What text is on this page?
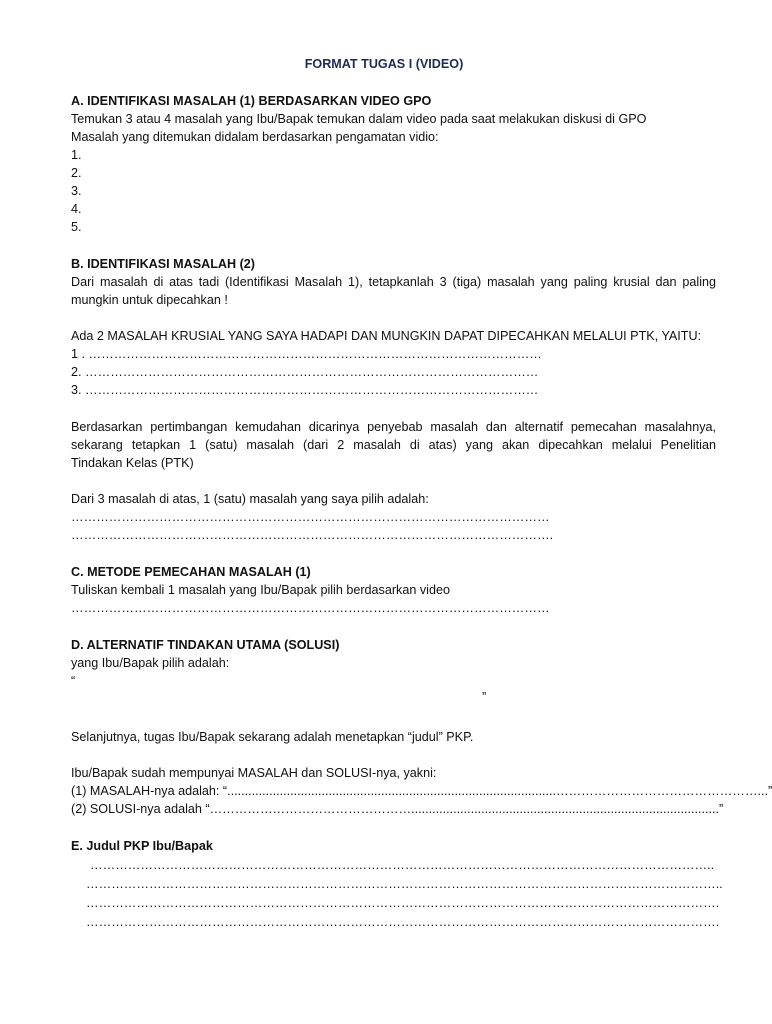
FORMAT TUGAS I (VIDEO)
A. IDENTIFIKASI MASALAH (1) BERDASARKAN VIDEO GPO
Temukan 3 atau 4 masalah yang Ibu/Bapak temukan dalam video pada saat melakukan diskusi di GPO
Masalah yang ditemukan didalam berdasarkan pengamatan vidio:
1.
2.
3.
4.
5.
B. IDENTIFIKASI MASALAH (2)
Dari masalah di atas tadi (Identifikasi Masalah 1), tetapkanlah 3 (tiga) masalah yang paling krusial dan paling
mungkin untuk dipecahkan !
Ada 2 MASALAH KRUSIAL YANG SAYA HADAPI DAN MUNGKIN DAPAT DIPECAHKAN MELALUI PTK, YAITU:
1 . ………………………………………………………………………………………………
2. ………………………………………………………………………………………………
3. ………………………………………………………………………………………………
Berdasarkan pertimbangan kemudahan dicarinya penyebab masalah dan alternatif pemecahan masalahnya,
sekarang tetapkan 1 (satu) masalah (dari 2 masalah di atas) yang akan dipecahkan melalui Penelitian
Tindakan Kelas (PTK)
Dari 3 masalah di atas, 1 (satu) masalah yang saya pilih adalah:
……………………………………………………………………………………………………
…………………………………………………………………………………………………….
C. METODE PEMECAHAN MASALAH (1)
Tuliskan kembali 1 masalah yang Ibu/Bapak pilih berdasarkan video
……………………………………………………………………………………………………
D. ALTERNATIF TINDAKAN UTAMA (SOLUSI)
yang Ibu/Bapak pilih adalah:
“
”
Selanjutnya, tugas Ibu/Bapak sekarang adalah menetapkan “judul” PKP.
Ibu/Bapak sudah mempunyai MASALAH dan SOLUSI-nya, yakni:
(1) MASALAH-nya adalah: “..............................................................................................…………………………………………...”
(2) SOLUSI-nya adalah “…………………………………………........................................................................................”
E. Judul PKP Ibu/Bapak
…………………………………………………………………………………………………………………………………..
……………………………………………………………………………………………………………………………………..
…………………………………………………………………………………………………………………………………….
…………………………………………………………………………………………………………………………………….
